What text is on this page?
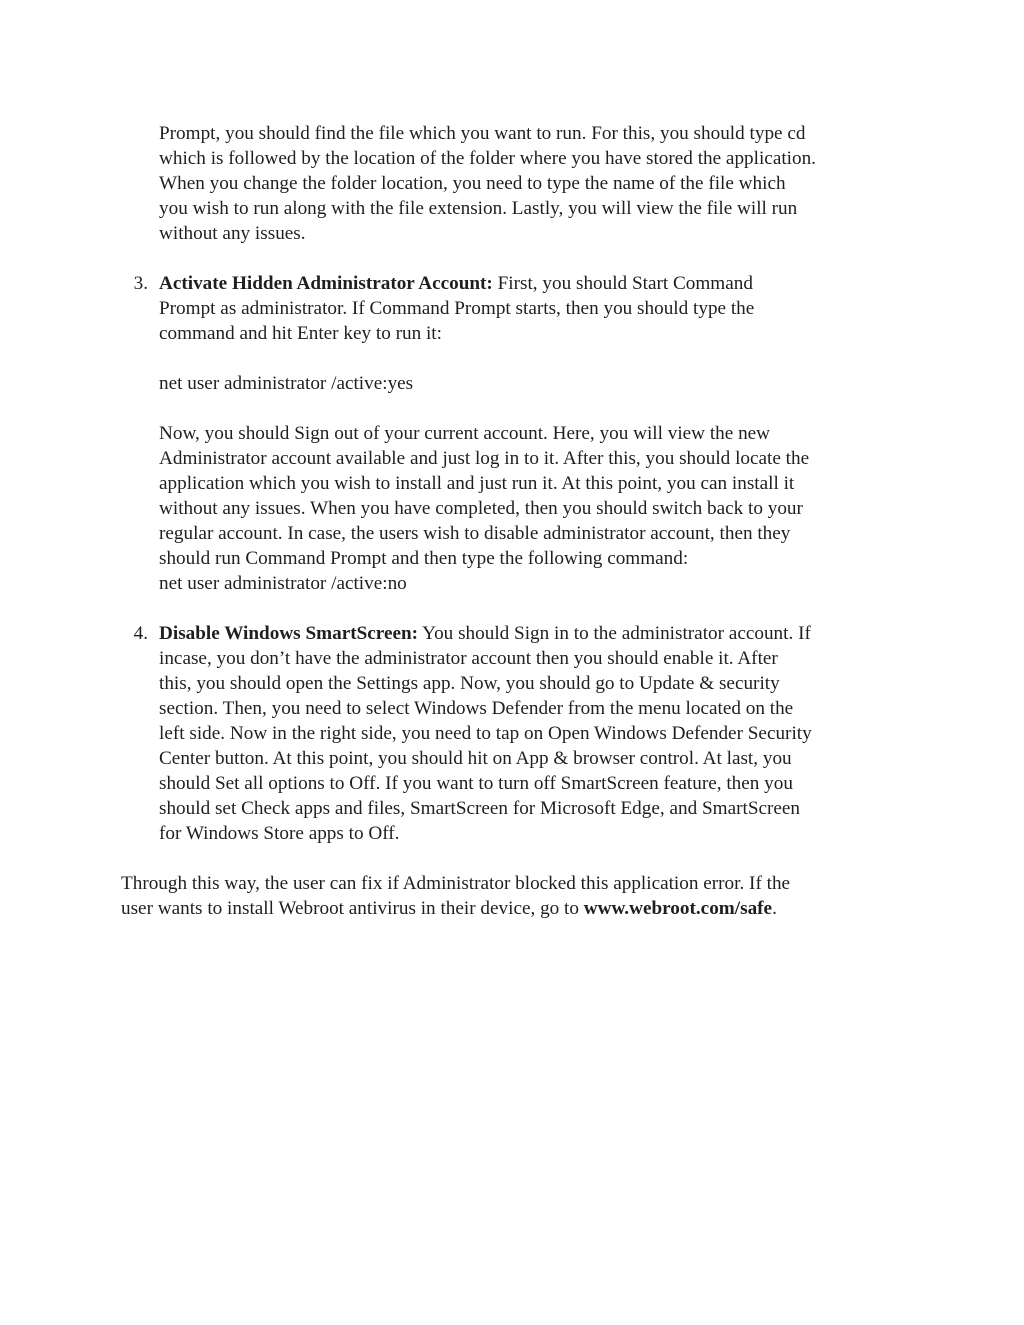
Prompt, you should find the file which you want to run. For this, you should type cd
which is followed by the location of the folder where you have stored the application.
When you change the folder location, you need to type the name of the file which
you wish to run along with the file extension. Lastly, you will view the file will run
without any issues.
3. Activate Hidden Administrator Account: First, you should Start Command
Prompt as administrator. If Command Prompt starts, then you should type the
command and hit Enter key to run it:
net user administrator /active:yes
Now, you should Sign out of your current account. Here, you will view the new
Administrator account available and just log in to it. After this, you should locate the
application which you wish to install and just run it. At this point, you can install it
without any issues. When you have completed, then you should switch back to your
regular account. In case, the users wish to disable administrator account, then they
should run Command Prompt and then type the following command:
net user administrator /active:no
4. Disable Windows SmartScreen: You should Sign in to the administrator account. If
incase, you don’t have the administrator account then you should enable it. After
this, you should open the Settings app. Now, you should go to Update & security
section. Then, you need to select Windows Defender from the menu located on the
left side. Now in the right side, you need to tap on Open Windows Defender Security
Center button. At this point, you should hit on App & browser control. At last, you
should Set all options to Off. If you want to turn off SmartScreen feature, then you
should set Check apps and files, SmartScreen for Microsoft Edge, and SmartScreen
for Windows Store apps to Off.
Through this way, the user can fix if Administrator blocked this application error. If the
user wants to install Webroot antivirus in their device, go to www.webroot.com/safe.
